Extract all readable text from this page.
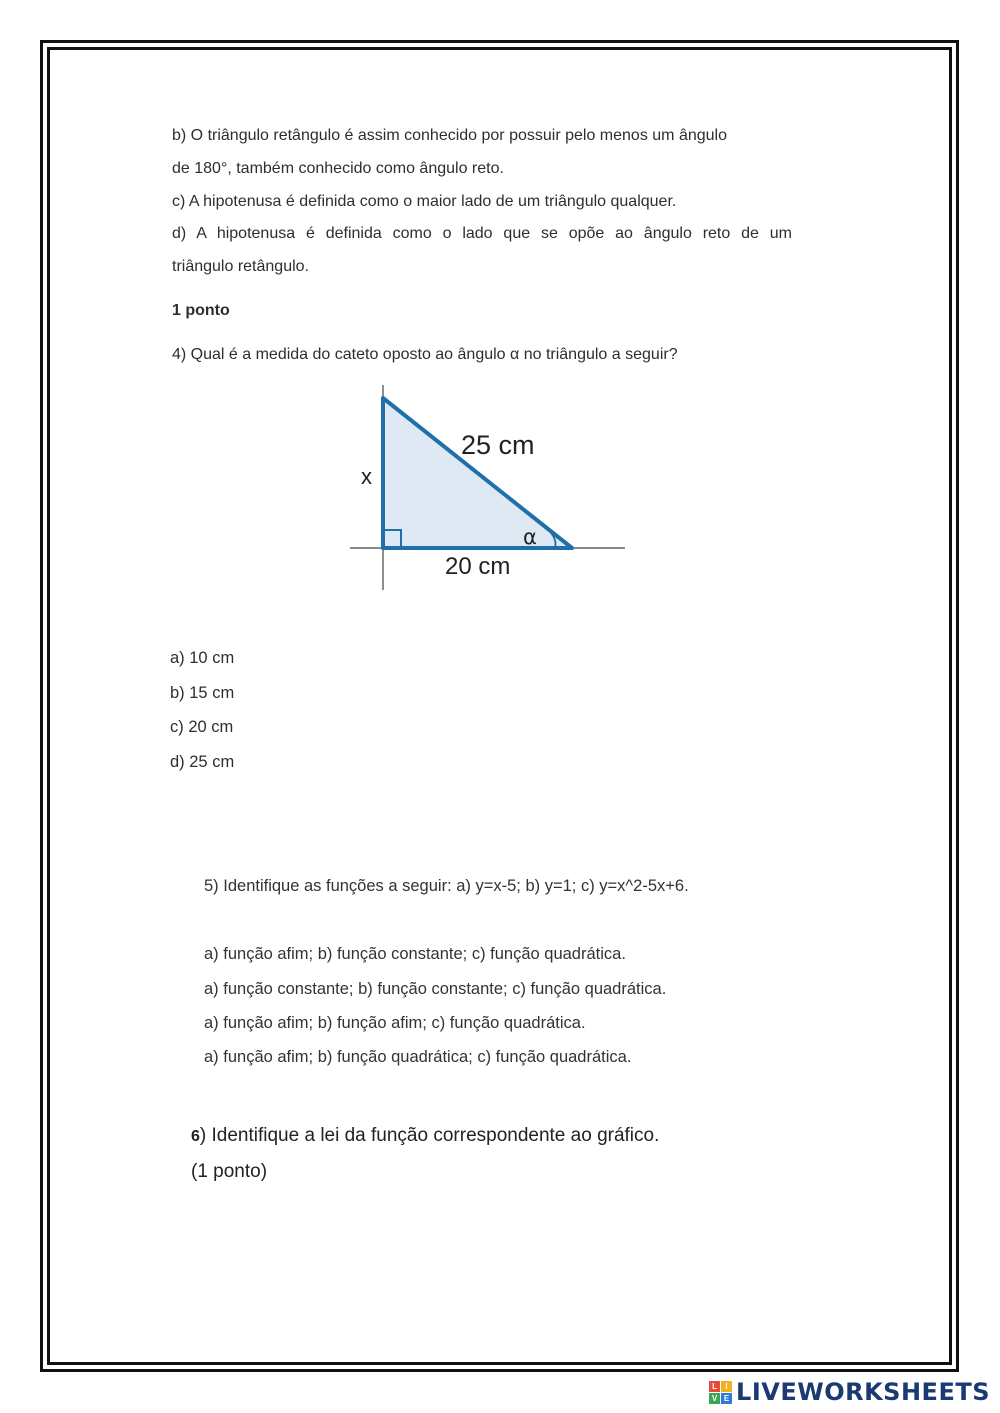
b) O triângulo retângulo é assim conhecido por possuir pelo menos um ângulo
de 180°, também conhecido como ângulo reto.
c) A hipotenusa é definida como o maior lado de um triângulo qualquer.
d) A hipotenusa é definida como o lado que se opõe ao ângulo reto de um
triângulo retângulo.
1 ponto
4) Qual é a medida do cateto oposto ao ângulo α no triângulo a seguir?
25 cm
20 cm
x
α
a) 10 cm
b) 15 cm
c) 20 cm
d) 25 cm
5) Identifique as funções a seguir: a) y=x-5; b) y=1; c) y=x^2-5x+6.
a) função afim; b) função constante; c) função quadrática.
a) função constante; b) função constante; c) função quadrática.
a) função afim; b) função afim; c) função quadrática.
a) função afim; b) função quadrática; c) função quadrática.
6) Identifique a lei da função correspondente ao gráfico.
(1 ponto)
L	I
V E LIVEWORKSHEETS
